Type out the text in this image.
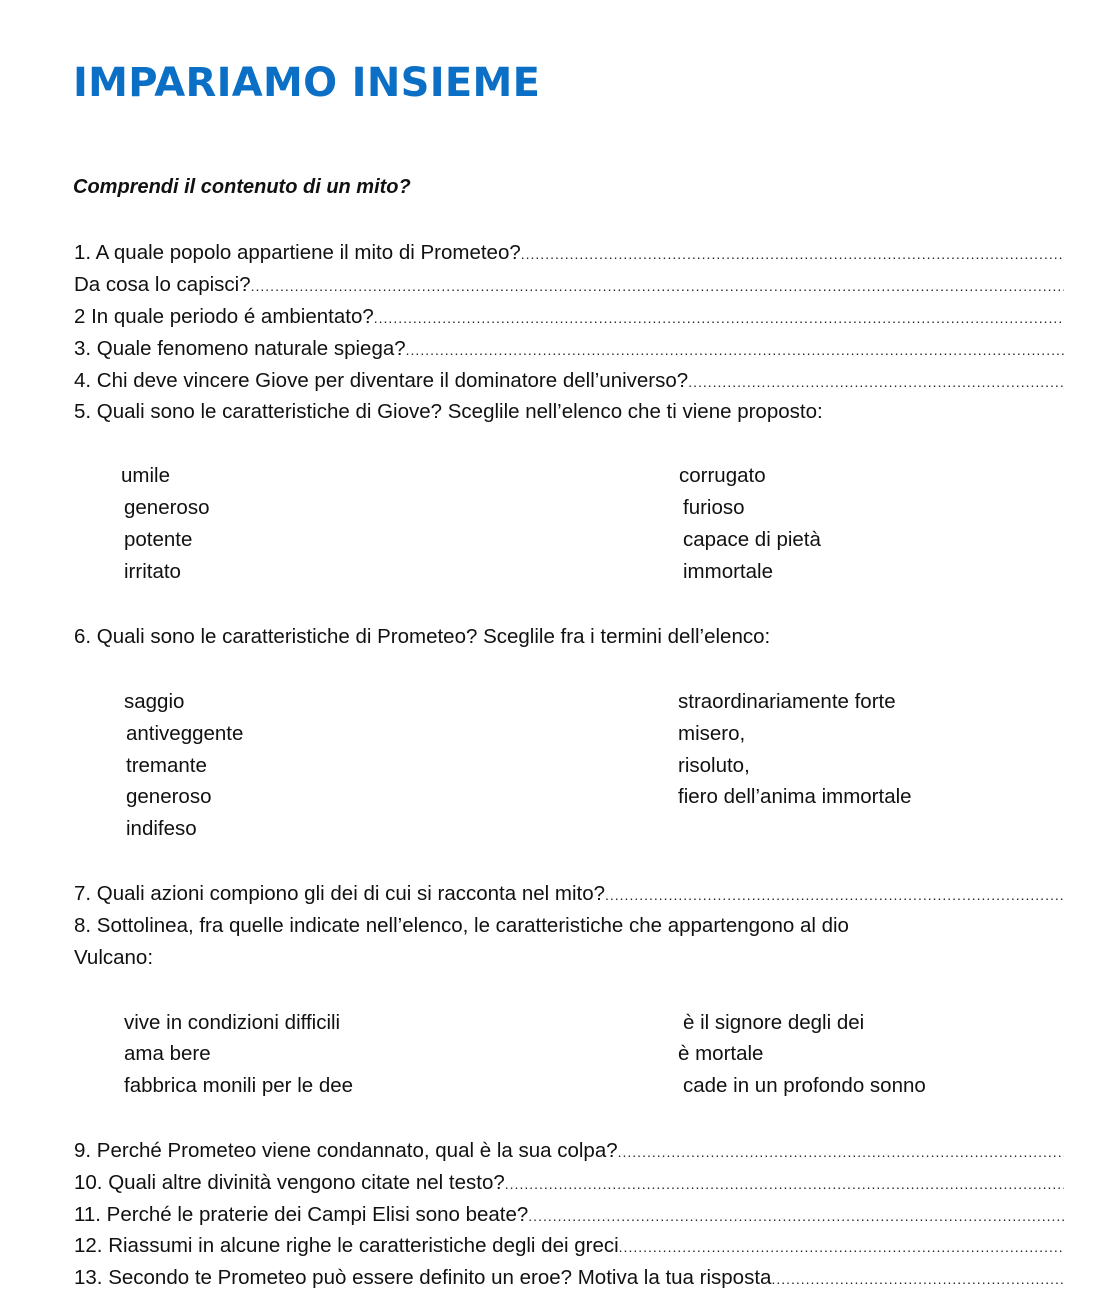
IMPARIAMO INSIEME
Comprendi il contenuto di un mito?
1. A quale popolo appartiene il mito di Prometeo?
.....
Da cosa lo capisci?
.....
2 In quale periodo é ambientato?
.....
3. Quale fenomeno naturale spiega?
.....
4. Chi deve vincere Giove per diventare il dominatore dell’universo?
.....
5. Quali sono le caratteristiche di Giove? Sceglile nell’elenco che ti viene proposto:
umile
generoso
potente
irritato
corrugato
furioso
capace di pietà
immortale
6. Quali sono le caratteristiche di Prometeo? Sceglile fra i termini dell’elenco:
saggio
antiveggente
tremante
generoso
indifeso
straordinariamente forte
misero,
risoluto,
fiero dell’anima immortale
7. Quali azioni compiono gli dei di cui si racconta nel mito?
.....
8. Sottolinea, fra quelle indicate nell’elenco, le caratteristiche che appartengono al dio
Vulcano:
vive in condizioni difficili
ama bere
fabbrica monili per le dee
è il signore degli dei
è mortale
cade in un profondo sonno
9. Perché Prometeo viene condannato, qual è la sua colpa?
.....
10. Quali altre divinità vengono citate nel testo?
.....
11. Perché le praterie dei Campi Elisi sono beate?
.....
12. Riassumi in alcune righe le caratteristiche degli dei greci
.....
13. Secondo te Prometeo può essere definito un eroe? Motiva la tua risposta
.....
